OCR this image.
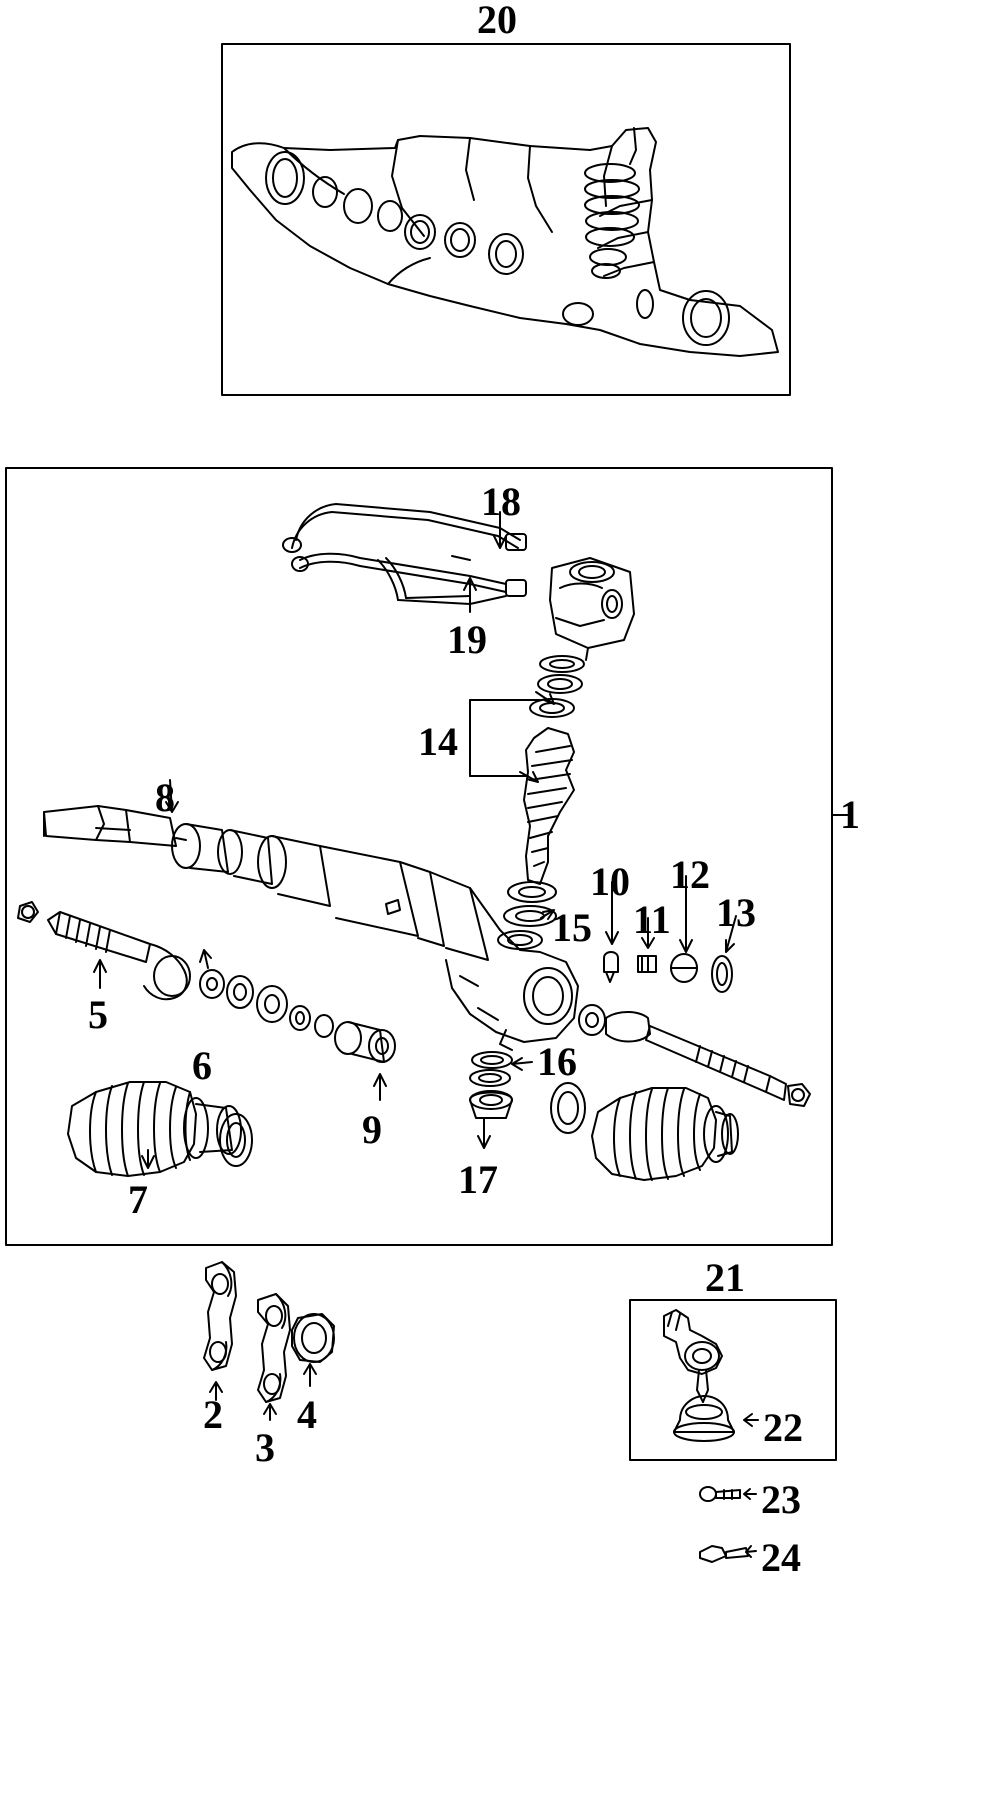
20
18
19
14
1
8
10 12
13
11
15
5
6
9
16
17
7
21
22
23
24
2
3
4
